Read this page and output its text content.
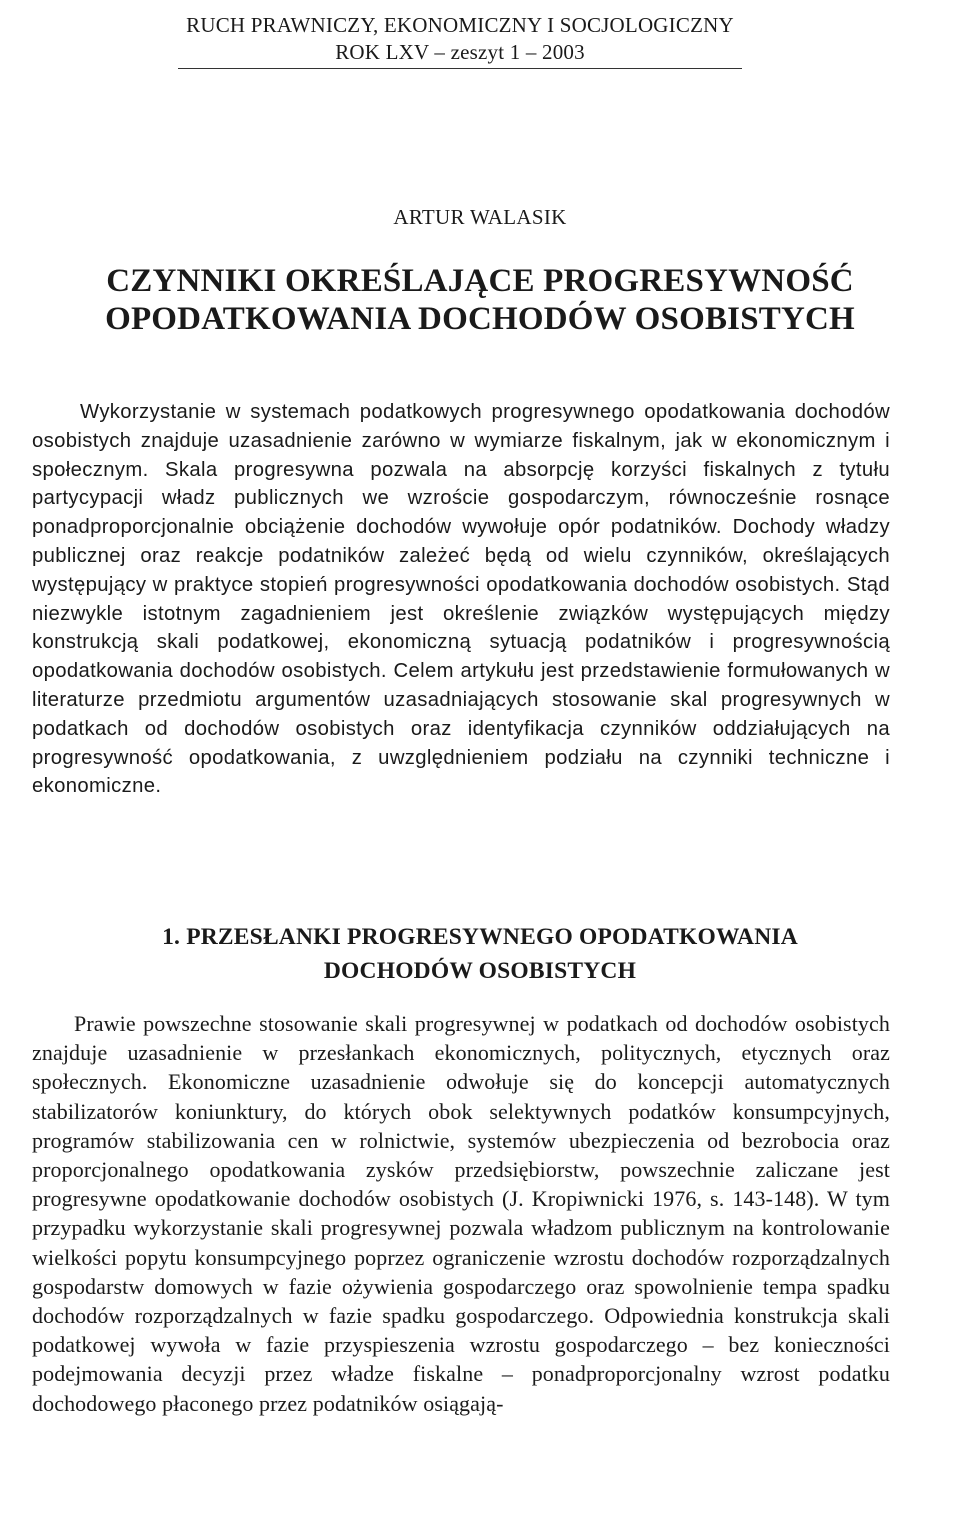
RUCH PRAWNICZY, EKONOMICZNY I SOCJOLOGICZNY
ROK LXV – zeszyt 1 – 2003
ARTUR WALASIK
CZYNNIKI OKREŚLAJĄCE PROGRESYWNOŚĆ
OPODATKOWANIA DOCHODÓW OSOBISTYCH

Wykorzystanie w systemach podatkowych progresywnego opodatkowania dochodów osobistych znajduje uzasadnienie zarówno w wymiarze fiskalnym, jak w ekonomicznym i społecznym. Skala progresywna pozwala na absorpcję korzyści fiskalnych z tytułu partycypacji władz publicznych we wzroście gospodarczym, równocześnie rosnące ponadproporcjonalnie obciążenie dochodów wywołuje opór podatników. Dochody władzy publicznej oraz reakcje podatników zależeć będą od wielu czynników, określających występujący w praktyce stopień progresywności opodatkowania dochodów osobistych. Stąd niezwykle istotnym zagadnieniem jest określenie związków występujących między konstrukcją skali podatkowej, ekonomiczną sytuacją podatników i progresywnością opodatkowania dochodów osobistych. Celem artykułu jest przedstawienie formułowanych w literaturze przedmiotu argumentów uzasadniających stosowanie skal progresywnych w podatkach od dochodów osobistych oraz identyfikacja czynników oddziałujących na progresywność opodatkowania, z uwzględnieniem podziału na czynniki techniczne i ekonomiczne.

1. PRZESŁANKI PROGRESYWNEGO OPODATKOWANIA
DOCHODÓW OSOBISTYCH

Prawie powszechne stosowanie skali progresywnej w podatkach od dochodów osobistych znajduje uzasadnienie w przesłankach ekonomicznych, politycznych, etycznych oraz społecznych. Ekonomiczne uzasadnienie odwołuje się do koncepcji automatycznych stabilizatorów koniunktury, do których obok selektywnych podatków konsumpcyjnych, programów stabilizowania cen w rolnictwie, systemów ubezpieczenia od bezrobocia oraz proporcjonalnego opodatkowania zysków przedsiębiorstw, powszechnie zaliczane jest progresywne opodatkowanie dochodów osobistych (J. Kropiwnicki 1976, s. 143-148). W tym przypadku wykorzystanie skali progresywnej pozwala władzom publicznym na kontrolowanie wielkości popytu konsumpcyjnego poprzez ograniczenie wzrostu dochodów rozporządzalnych gospodarstw domowych w fazie ożywienia gospodarczego oraz spowolnienie tempa spadku dochodów rozporządzalnych w fazie spadku gospodarczego. Odpowiednia konstrukcja skali podatkowej wywoła w fazie przyspieszenia wzrostu gospodarczego – bez konieczności podejmowania decyzji przez władze fiskalne – ponadproporcjonalny wzrost podatku dochodowego płaconego przez podatników osiągają-
